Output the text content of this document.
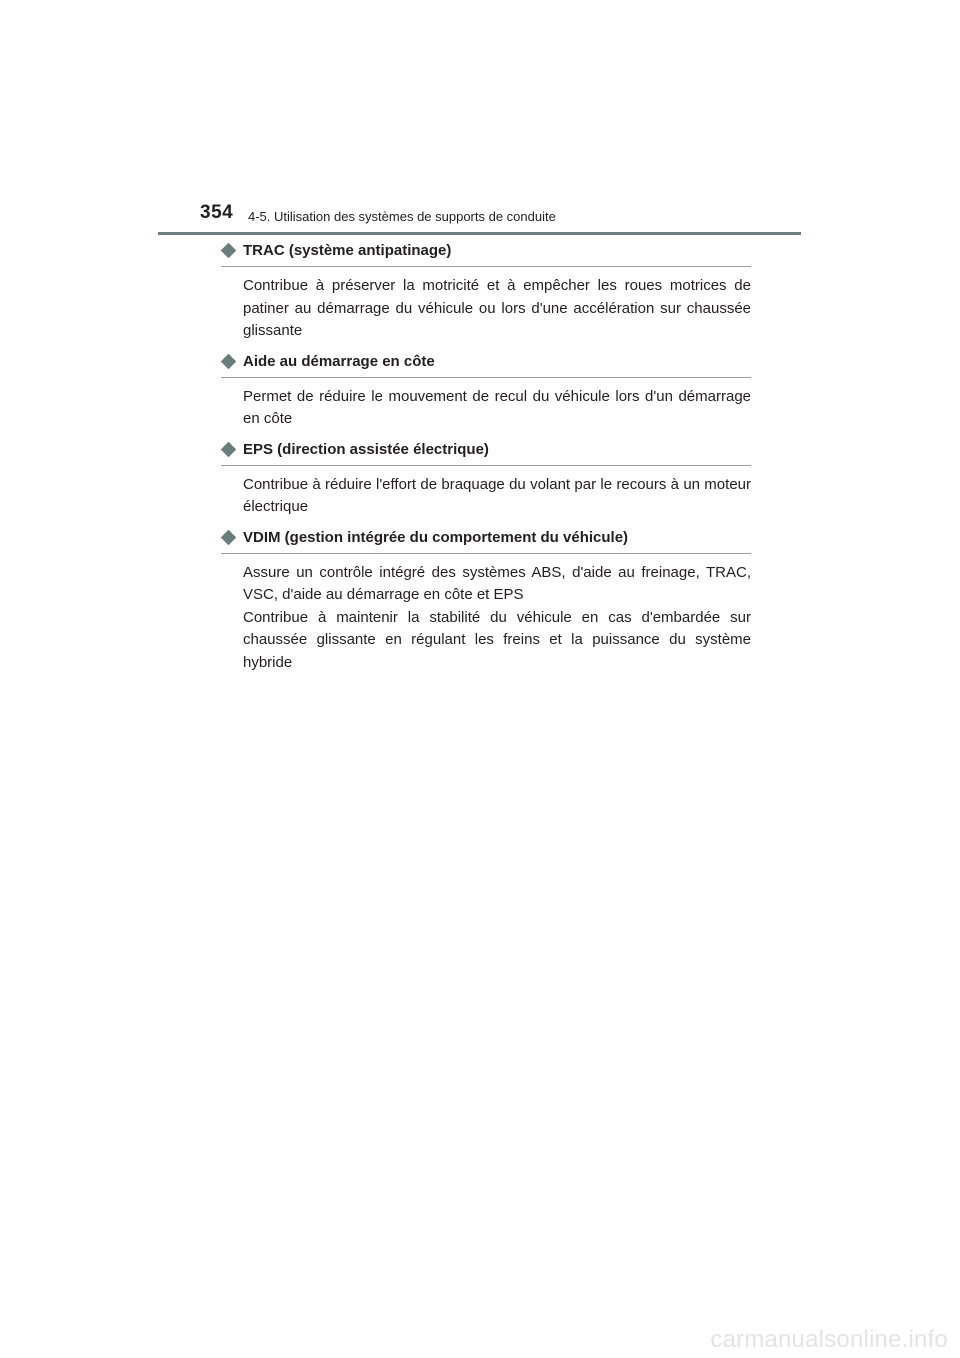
354 4-5. Utilisation des systèmes de supports de conduite
TRAC (système antipatinage)

Contribue à préserver la motricité et à empêcher les roues motrices de patiner au démarrage du véhicule ou lors d'une accélération sur chaussée glissante

Aide au démarrage en côte

Permet de réduire le mouvement de recul du véhicule lors d'un démarrage en côte

EPS (direction assistée électrique)

Contribue à réduire l'effort de braquage du volant par le recours à un moteur électrique

VDIM (gestion intégrée du comportement du véhicule)

Assure un contrôle intégré des systèmes ABS, d'aide au freinage, TRAC, VSC, d'aide au démarrage en côte et EPS

Contribue à maintenir la stabilité du véhicule en cas d'embardée sur chaussée glissante en régulant les freins et la puissance du système hybride

carmanualsonline.info
